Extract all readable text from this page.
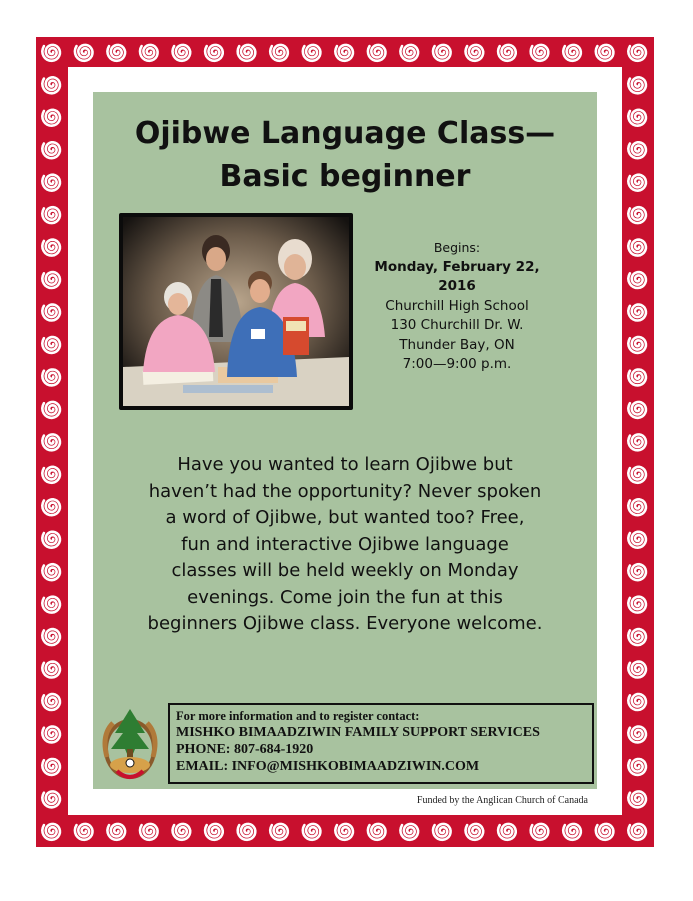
Ojibwe Language Class—
Basic beginner
Begins:
Monday, February 22,
2016
Churchill High School
130 Churchill Dr. W.
Thunder Bay, ON
7:00—9:00 p.m.

Have you wanted to learn Ojibwe but
haven’t had the opportunity? Never spoken
a word of Ojibwe, but wanted too? Free,
fun and interactive Ojibwe language
classes will be held weekly on Monday
evenings. Come join the fun at this
beginners Ojibwe class. Everyone welcome.

For more information and to register contact:
MISHKO BIMAADZIWIN FAMILY SUPPORT SERVICES
PHONE: 807-684-1920
EMAIL: INFO@MISHKOBIMAADZIWIN.COM
Funded by the Anglican Church of Canada
